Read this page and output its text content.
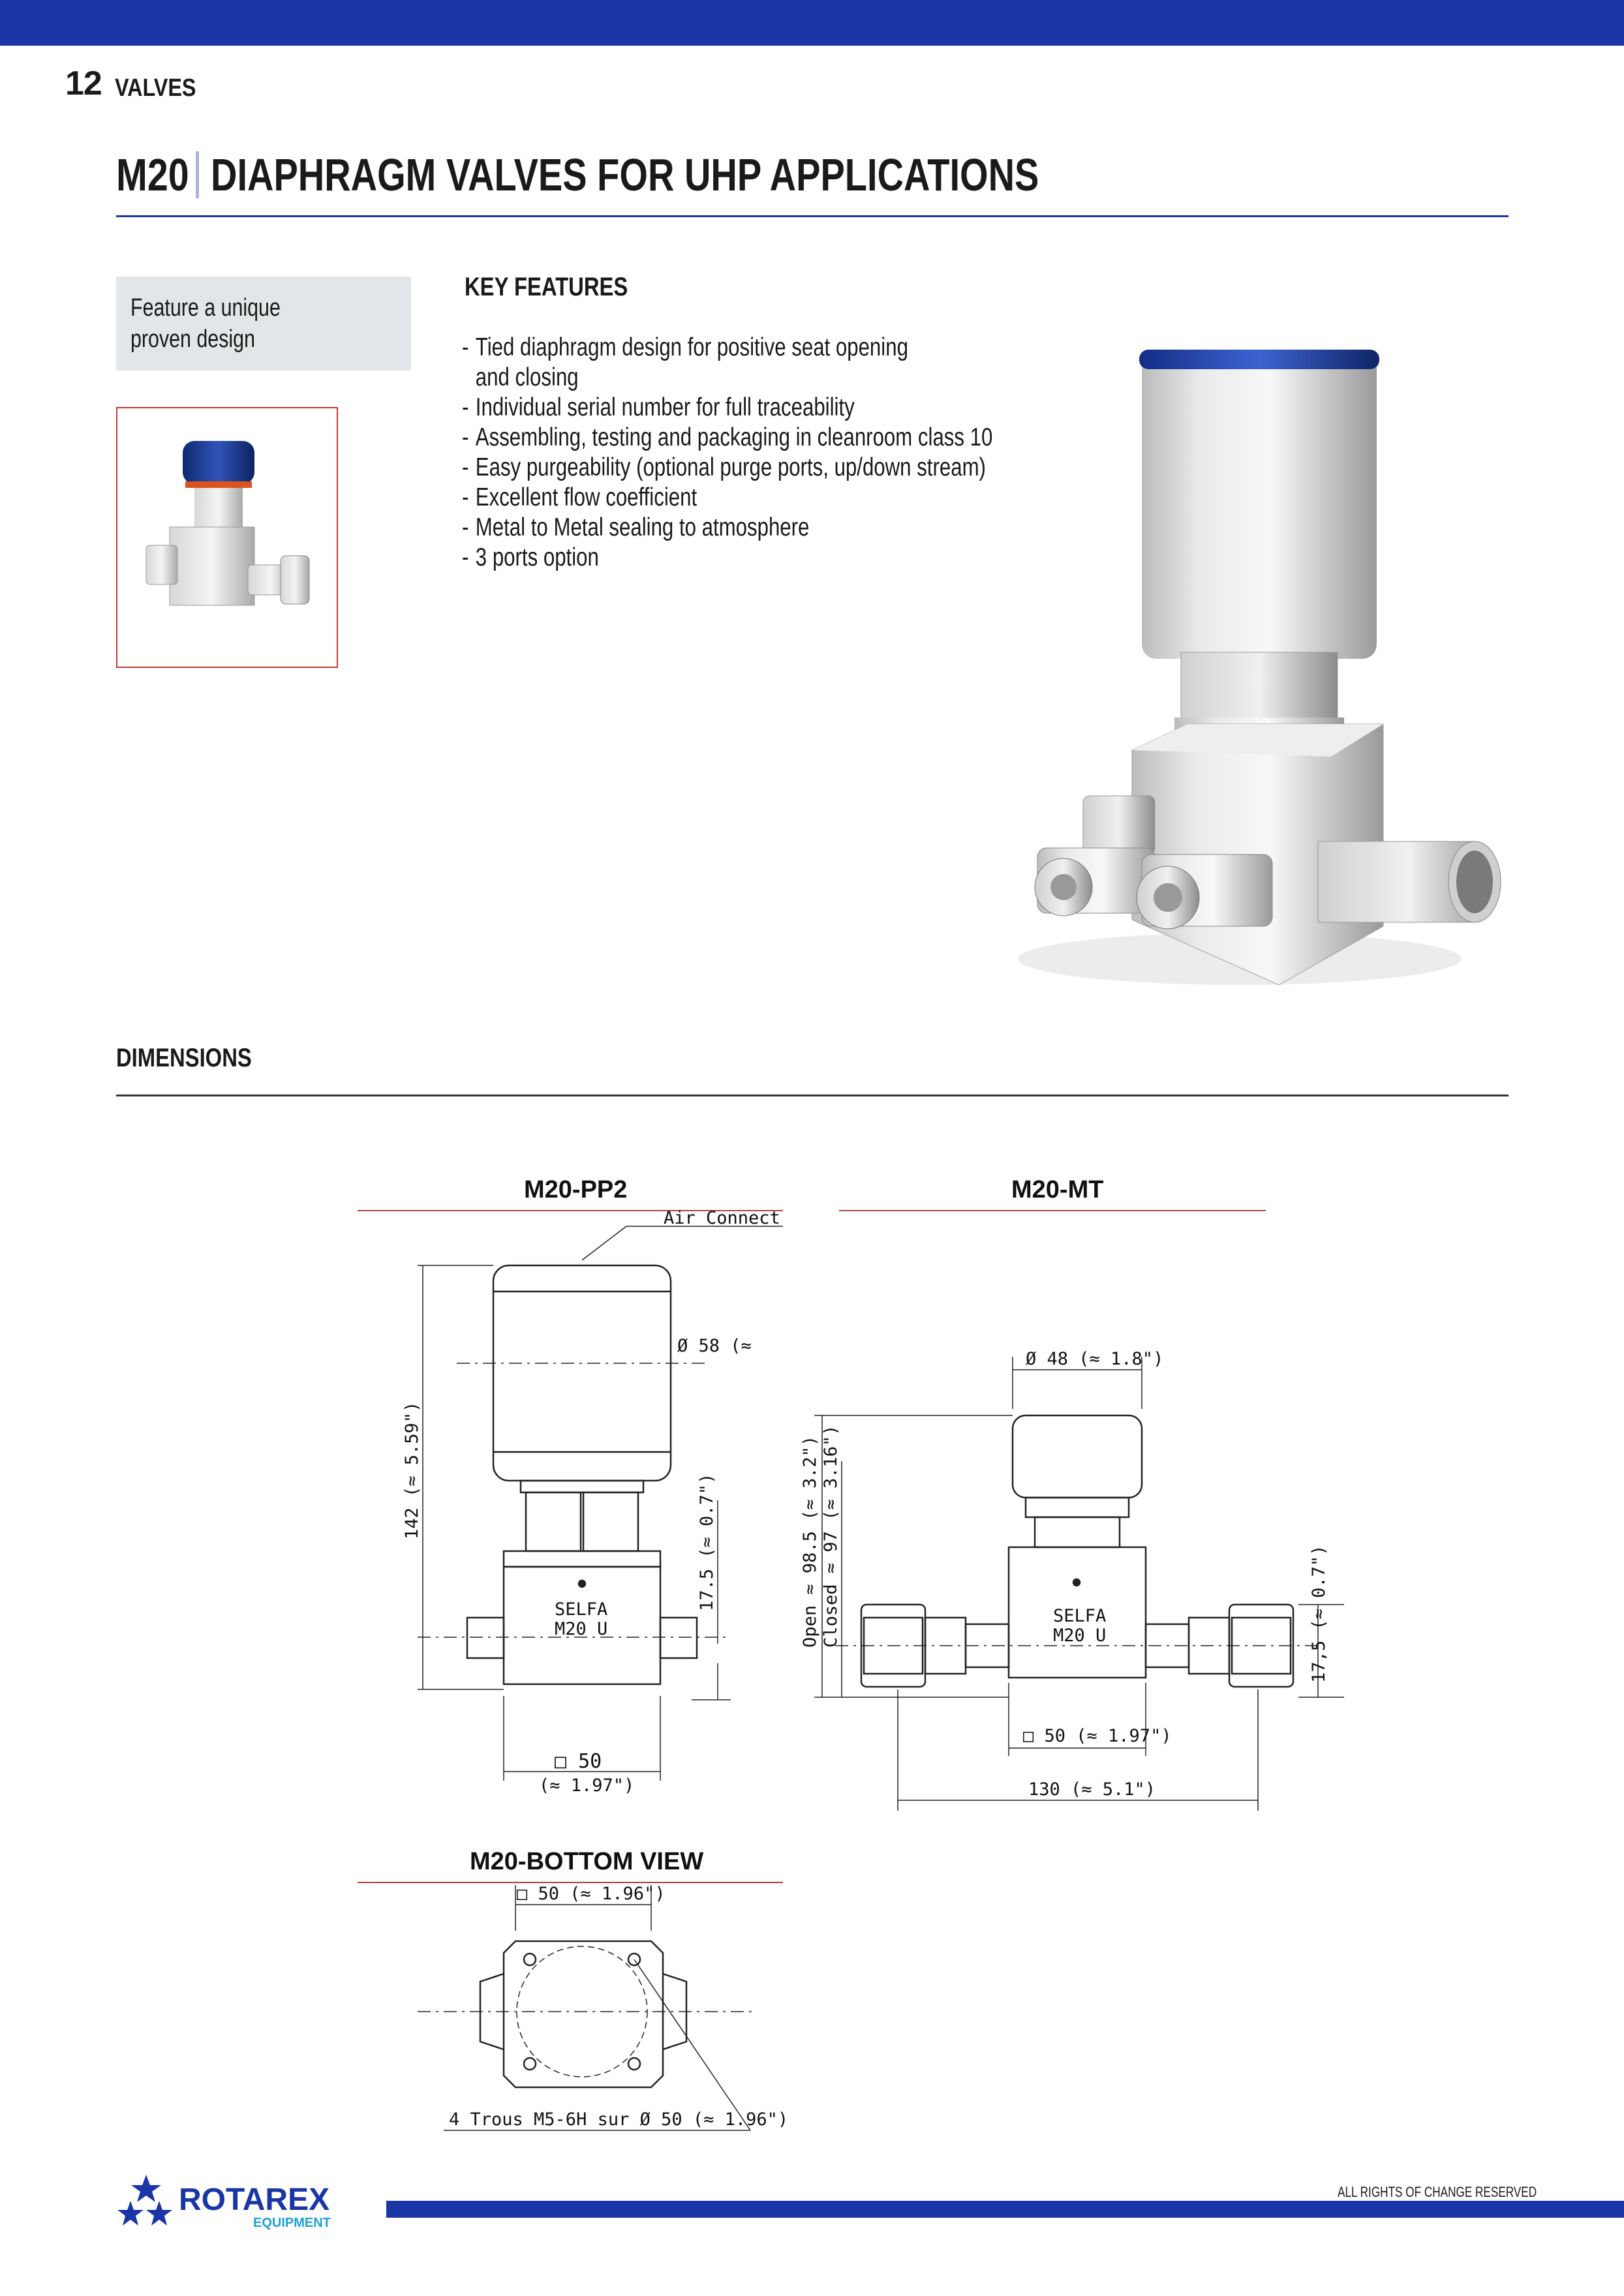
12 VALVES
M20 DIAPHRAGM VALVES FOR UHP APPLICATIONS
Feature a unique
proven design
KEY FEATURES
- Tied diaphragm design for positive seat opening
and closing
- Individual serial number for full traceability
- Assembling, testing and packaging in cleanroom class 10
- Easy purgeability (optional purge ports, up/down stream)
- Excellent flow coefficient
- Metal to Metal sealing to atmosphere
- 3 ports option
DIMENSIONS
M20-PP2
Air Connect
Ø 58 (≈
142 (≈ 5.59")
17.5 (≈ 0.7")
SELFA
M20 U
□ 50
(≈ 1.97")
M20-MT
Ø 48 (≈ 1.8")
Open ≈ 98.5 (≈ 3.2") Closed ≈ 97 (≈ 3.16")	SELFA
M20 U	17,5 (≈ 0.7")
□ 50 (≈ 1.97")
130 (≈ 5.1")
M20-BOTTOM VIEW
□ 50 (≈ 1.96")
4 Trous M5-6H sur Ø 50 (≈ 1.96")
ROTAREX
EQUIPMENT
ALL RIGHTS OF CHANGE RESERVED
